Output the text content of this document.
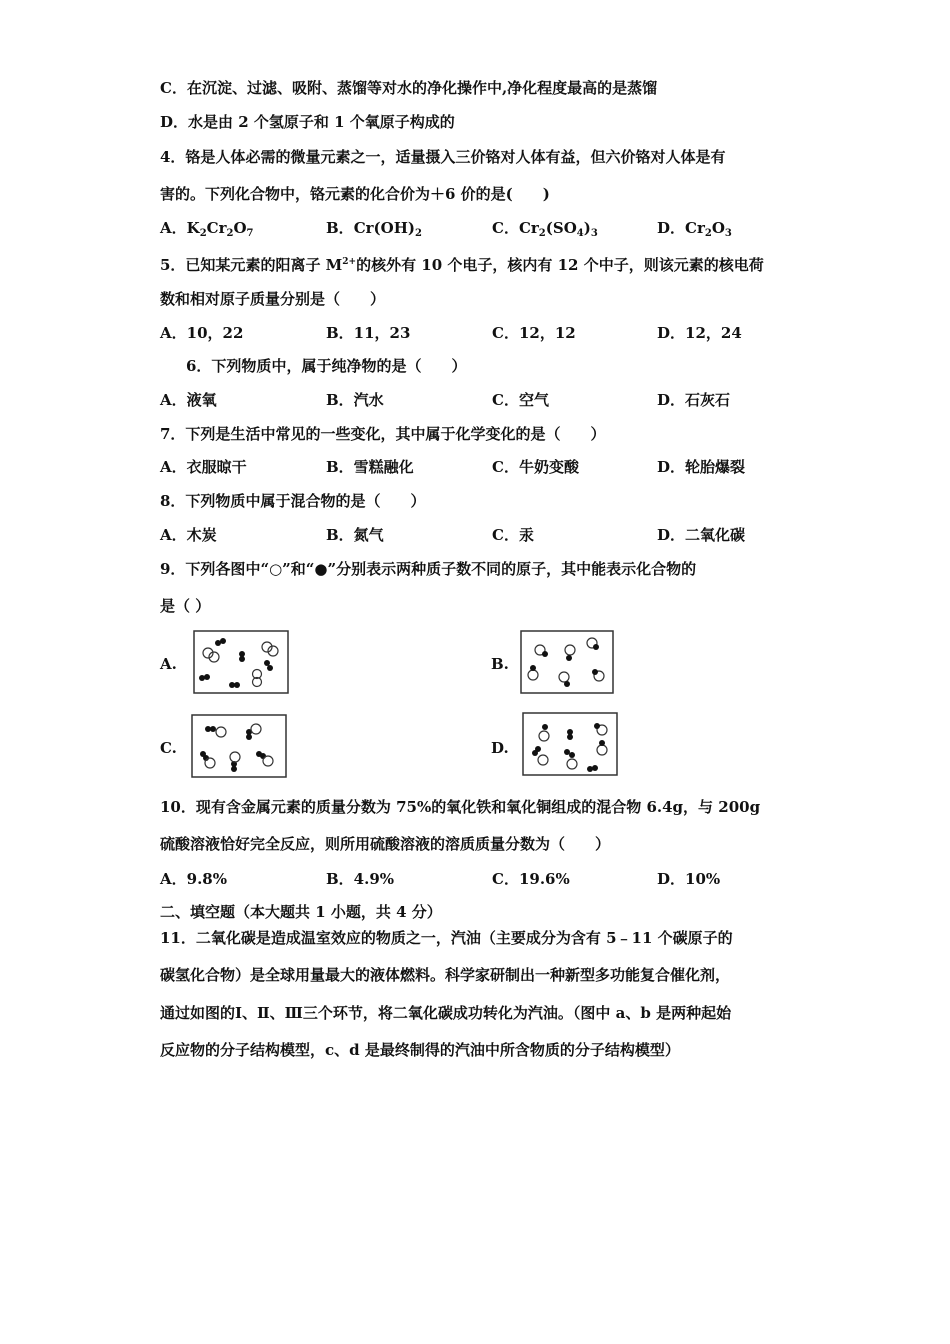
C．在沉淀、过滤、吸附、蒸馏等对水的净化操作中,净化程度最高的是蒸馏
D．水是由 2 个氢原子和 1 个氧原子构成的
4．铬是人体必需的微量元素之一，适量摄入三价铬对人体有益，但六价铬对人体是有
害的。下列化合物中，铬元素的化合价为＋6 价的是(　　)
A．$K_2Cr_2O_7$	B．$Cr(OH)_2$	C．$Cr_2(SO_4)_3$	D．$Cr_2O_3$
5．已知某元素的阳离子 $M^{2+}$的核外有 10 个电子，核内有 12 个中子，则该元素的核电荷
数和相对原子质量分别是（　　）
A．10，22	B．11，23	C．12，12	D．12，24
6．下列物质中，属于纯净物的是（　　）
A．液氧	B．汽水	C．空气	D．石灰石
7．下列是生活中常见的一些变化，其中属于化学变化的是（　　）
A．衣服晾干	B．雪糕融化	C．牛奶变酸	D．轮胎爆裂
8．下列物质中属于混合物的是（　　）
A．木炭	B．氮气	C．汞	D．二氧化碳
9．下列各图中“○”和“●”分别表示两种质子数不同的原子，其中能表示化合物的
是（ ）
A.	B.
C.	D.
10．现有含金属元素的质量分数为 75%的氧化铁和氧化铜组成的混合物 6.4g，与 200g
硫酸溶液恰好完全反应，则所用硫酸溶液的溶质质量分数为（　　）
A．9.8%	B．4.9%	C．19.6%	D．10%
二、填空题（本大题共 1 小题，共 4 分）
11．二氧化碳是造成温室效应的物质之一，汽油（主要成分为含有 5﹣11 个碳原子的
碳氢化合物）是全球用量最大的液体燃料。科学家研制出一种新型多功能复合催化剂，
通过如图的Ⅰ、Ⅱ、Ⅲ三个环节，将二氧化碳成功转化为汽油。（图中 a、b 是两种起始
反应物的分子结构模型，c、d 是最终制得的汽油中所含物质的分子结构模型）
